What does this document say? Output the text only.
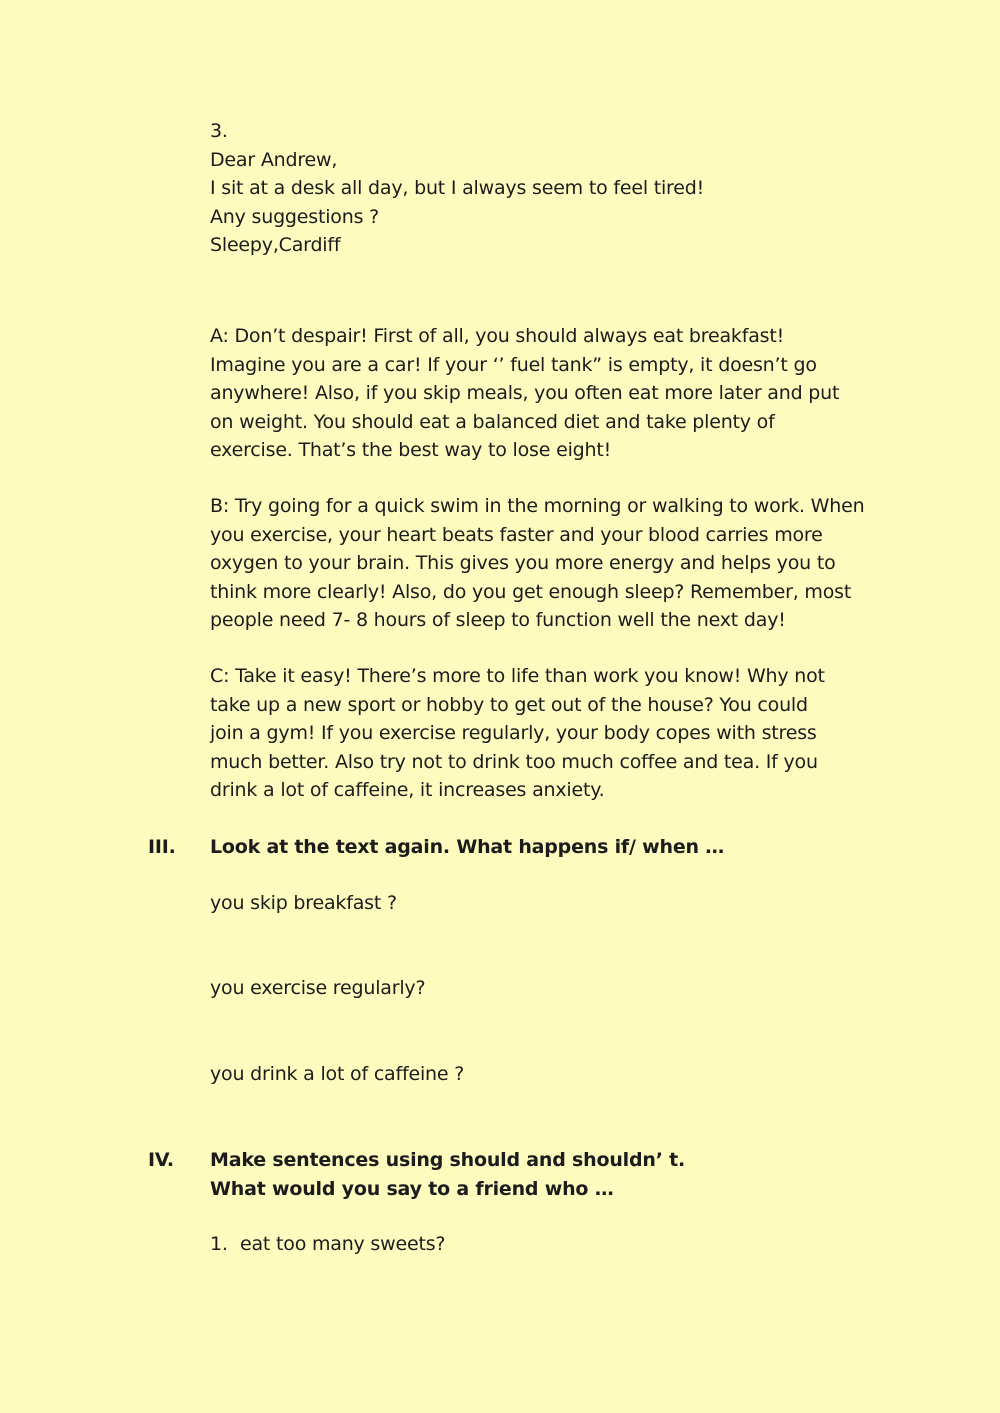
3.

Dear Andrew,

I sit at a desk all day, but I always seem to feel tired!

Any suggestions ?

Sleepy,Cardiff

A: Don’t despair! First of all, you should always eat breakfast!

Imagine you are a car! If your ‘’ fuel tank” is empty, it doesn’t go

anywhere! Also, if you skip meals, you often eat more later and put

on weight. You should eat a balanced diet and take plenty of

exercise. That’s the best way to lose eight!

B: Try going for a quick swim in the morning or walking to work. When

you exercise, your heart beats faster and your blood carries more

oxygen to your brain. This gives you more energy and helps you to

think more clearly! Also, do you get enough sleep? Remember, most

people need 7- 8 hours of sleep to function well the next day!

C: Take it easy! There’s more to life than work you know! Why not

take up a new sport or hobby to get out of the house? You could

join a gym! If you exercise regularly, your body copes with stress

much better. Also try not to drink too much coffee and tea. If you

drink a lot of caffeine, it increases anxiety.

III. Look at the text again. What happens if/ when …
you skip breakfast ?
you exercise regularly?
you drink a lot of caffeine ?
IV. Make sentences using should and shouldn’ t.
What would you say to a friend who …
1. eat too many sweets?
